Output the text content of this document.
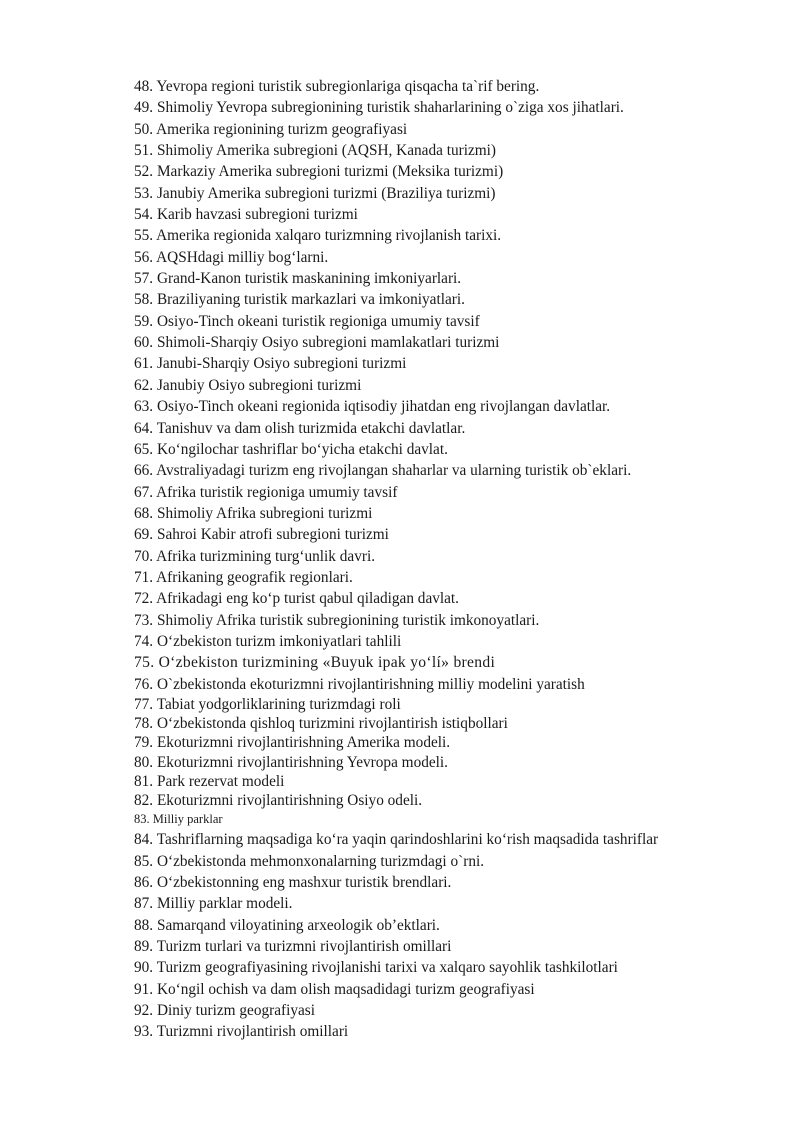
48. Yevropa regioni turistik subregionlariga qisqacha ta`rif bering.
49. Shimoliy Yevropa subregionining turistik shaharlarining o`ziga xos jihatlari.
50. Amerika regionining turizm geografiyasi
51. Shimoliy Amerika subregioni (AQSH, Kanada turizmi)
52. Markaziy Amerika subregioni turizmi (Meksika turizmi)
53. Janubiy Amerika subregioni turizmi (Braziliya turizmi)
54. Karib havzasi subregioni turizmi
55. Amerika regionida xalqaro turizmning rivojlanish tarixi.
56. AQSHdagi milliy bog‘larni.
57. Grand-Kanon turistik maskanining imkoniyarlari.
58. Braziliyaning turistik markazlari va imkoniyatlari.
59. Osiyo-Tinch okeani turistik regioniga umumiy tavsif
60. Shimoli-Sharqiy Osiyo subregioni mamlakatlari turizmi
61. Janubi-Sharqiy Osiyo subregioni turizmi
62. Janubiy Osiyo subregioni turizmi
63. Osiyo-Tinch okeani regionida iqtisodiy jihatdan eng rivojlangan davlatlar.
64. Tanishuv va dam olish turizmida etakchi davlatlar.
65. Ko‘ngilochar tashriflar bo‘yicha etakchi davlat.
66. Avstraliyadagi turizm eng rivojlangan shaharlar va ularning turistik ob`eklari.
67. Afrika turistik regioniga umumiy tavsif
68. Shimoliy Afrika subregioni turizmi
69. Sahroi Kabir atrofi subregioni turizmi
70. Afrika turizmining turg‘unlik davri.
71. Afrikaning geografik regionlari.
72. Afrikadagi eng ko‘p turist qabul qiladigan davlat.
73. Shimoliy Afrika turistik subregionining turistik imkonoyatlari.
74. O‘zbekiston turizm imkoniyatlari tahlili
75. O‘zbekiston turizmining «Buyuk ipak yo‘lí» brendi
76. O`zbekistonda ekoturizmni rivojlantirishning milliy modelini yaratish
77. Tabiat yodgorliklarining turizmdagi roli
78. O‘zbekistonda qishloq turizmini rivojlantirish istiqbollari
79. Ekoturizmni rivojlantirishning Amerika modeli.
80. Ekoturizmni rivojlantirishning Yevropa modeli.
81. Park rezervat modeli
82. Ekoturizmni rivojlantirishning Osiyo odeli.
83. Milliy parklar
84. Tashriflarning maqsadiga ko‘ra yaqin qarindoshlarini ko‘rish maqsadida tashriflar
85. O‘zbekistonda mehmonxonalarning turizmdagi o`rni.
86. O‘zbekistonning eng mashxur turistik brendlari.
87. Milliy parklar modeli.
88. Samarqand viloyatining arxeologik ob’ektlari.
89. Turizm turlari va turizmni rivojlantirish omillari
90. Turizm geografiyasining rivojlanishi tarixi va xalqaro sayohlik tashkilotlari
91. Ko‘ngil ochish va dam olish maqsadidagi turizm geografiyasi
92. Diniy turizm geografiyasi
93. Turizmni rivojlantirish omillari
